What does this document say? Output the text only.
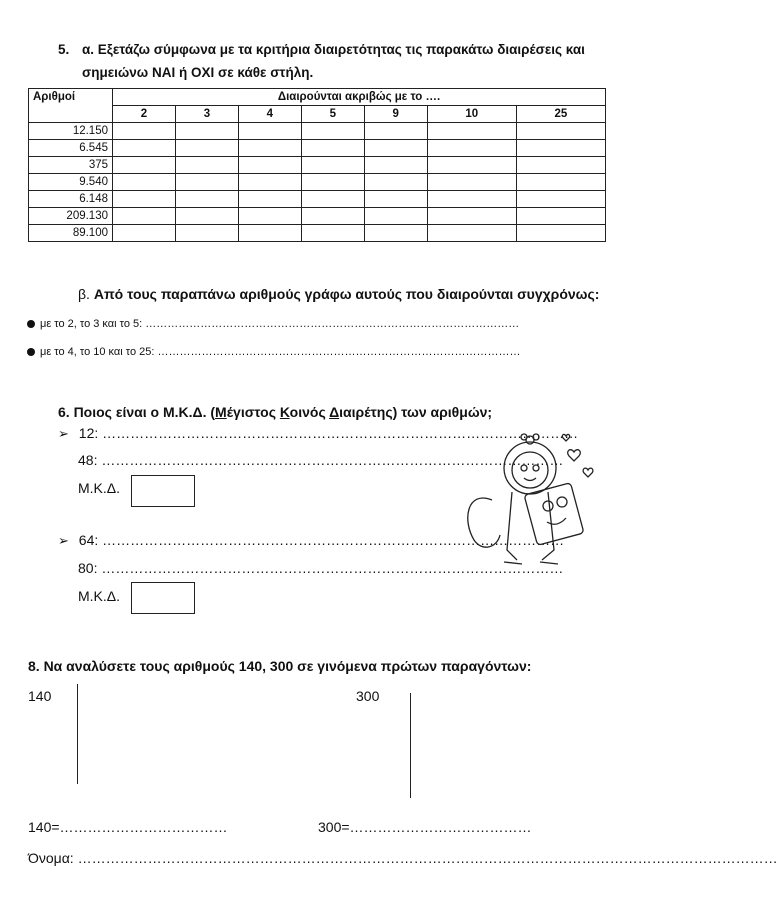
5. α. Εξετάζω σύμφωνα με τα κριτήρια διαιρετότητας τις παρακάτω διαιρέσεις και
σημειώνω ΝΑΙ ή ΟΧΙ σε κάθε στήλη.
Αριθμοί	Διαιρούνται ακριβώς με το ….						
	2	3	4	5	9	10	25
12.150							
6.545							
375							
9.540							
6.148							
209.130							
89.100							
β. Από τους παραπάνω αριθμούς γράφω αυτούς που διαιρούνται συγχρόνως:
με το 2, το 3 και το 5: …………………………………………………………………………………………
με το 4, το 10 και το 25: ………………………………………………………………………………………
6. Ποιος είναι ο Μ.Κ.Δ. (Μέγιστος Κοινός Διαιρέτης) των αριθμών;
➢ 12: …………………………………………………………………………………………
48: ………………………………………………………………………………………
Μ.Κ.Δ.
➢ 64: ………………………………………………………………………………………
80: ………………………………………………………………………………………
Μ.Κ.Δ.
8. Να αναλύσετε τους αριθμούς 140, 300 σε γινόμενα πρώτων παραγόντων:
140	300
140=………………………………	300=…………………………………
Όνομα: ……………………………………………………………………………………………………………………………………
